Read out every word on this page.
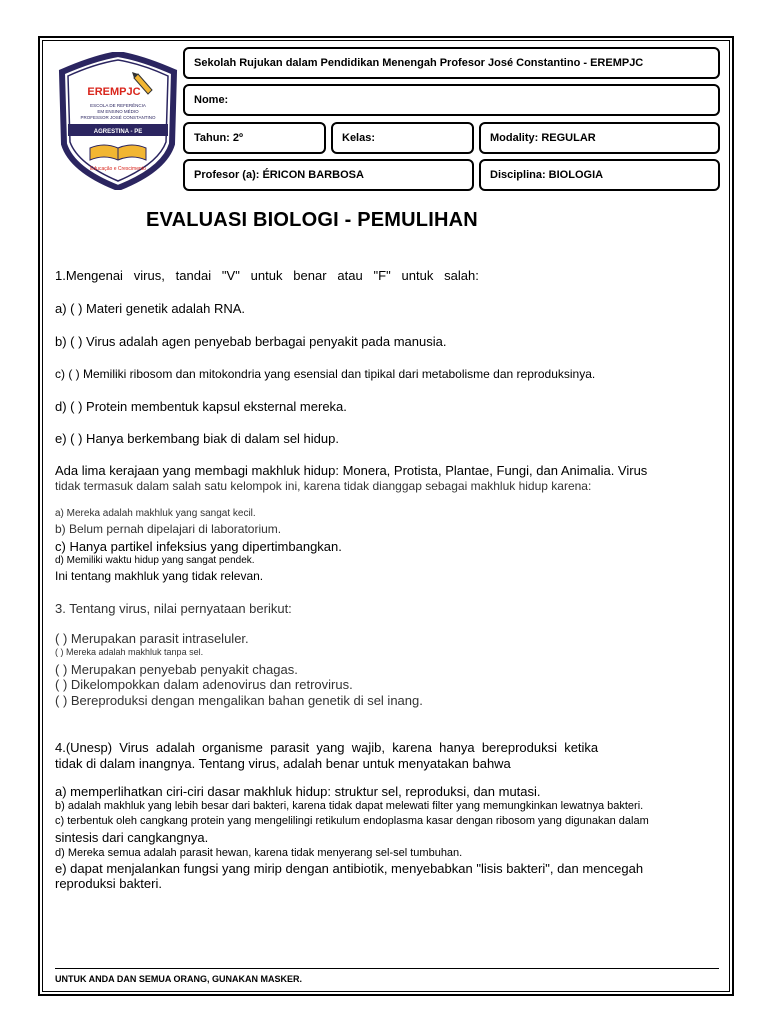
EREMPJC
ESCOLA DE REFERÊNCIA
EM ENSINO MÉDIO
PROFESSOR JOSÉ CONSTANTINO
AGRESTINA - PE
Educação e Crescimento
Sekolah Rujukan dalam Pendidikan Menengah Profesor José Constantino - EREMPJC
Nome:
Tahun: 2º	Kelas:	Modality: REGULAR
Profesor (a): ÉRICON BARBOSA	Disciplina: BIOLOGIA
EVALUASI BIOLOGI - PEMULIHAN
1.Mengenai   virus,   tandai   "V"   untuk   benar   atau   "F"   untuk   salah:
a) ( ) Materi genetik adalah RNA.
b) ( ) Virus adalah agen penyebab berbagai penyakit pada manusia.
c) ( ) Memiliki ribosom dan mitokondria yang esensial dan tipikal dari metabolisme dan reproduksinya.
d) ( ) Protein membentuk kapsul eksternal mereka.
e) ( ) Hanya berkembang biak di dalam sel hidup.
Ada lima kerajaan yang membagi makhluk hidup: Monera, Protista, Plantae, Fungi, dan Animalia. Virus
tidak termasuk dalam salah satu kelompok ini, karena tidak dianggap sebagai makhluk hidup karena:
a) Mereka adalah makhluk yang sangat kecil.
b) Belum pernah dipelajari di laboratorium.
c) Hanya partikel infeksius yang dipertimbangkan.
d) Memiliki waktu hidup yang sangat pendek.
Ini tentang makhluk yang tidak relevan.
3. Tentang virus, nilai pernyataan berikut:
( ) Merupakan parasit intraseluler.
( ) Mereka adalah makhluk tanpa sel.
( ) Merupakan penyebab penyakit chagas.
( ) Dikelompokkan dalam adenovirus dan retrovirus.
( ) Bereproduksi dengan mengalikan bahan genetik di sel inang.
4.(Unesp)  Virus  adalah  organisme  parasit  yang  wajib,  karena  hanya  bereproduksi  ketika
tidak di dalam inangnya. Tentang virus, adalah benar untuk menyatakan bahwa
a) memperlihatkan ciri-ciri dasar makhluk hidup: struktur sel, reproduksi, dan mutasi.
b) adalah makhluk yang lebih besar dari bakteri, karena tidak dapat melewati filter yang memungkinkan lewatnya bakteri.
c) terbentuk oleh cangkang protein yang mengelilingi retikulum endoplasma kasar dengan ribosom yang digunakan dalam
sintesis dari cangkangnya.
d) Mereka semua adalah parasit hewan, karena tidak menyerang sel-sel tumbuhan.
e) dapat menjalankan fungsi yang mirip dengan antibiotik, menyebabkan "lisis bakteri", dan mencegah
reproduksi bakteri.
UNTUK ANDA DAN SEMUA ORANG, GUNAKAN MASKER.
